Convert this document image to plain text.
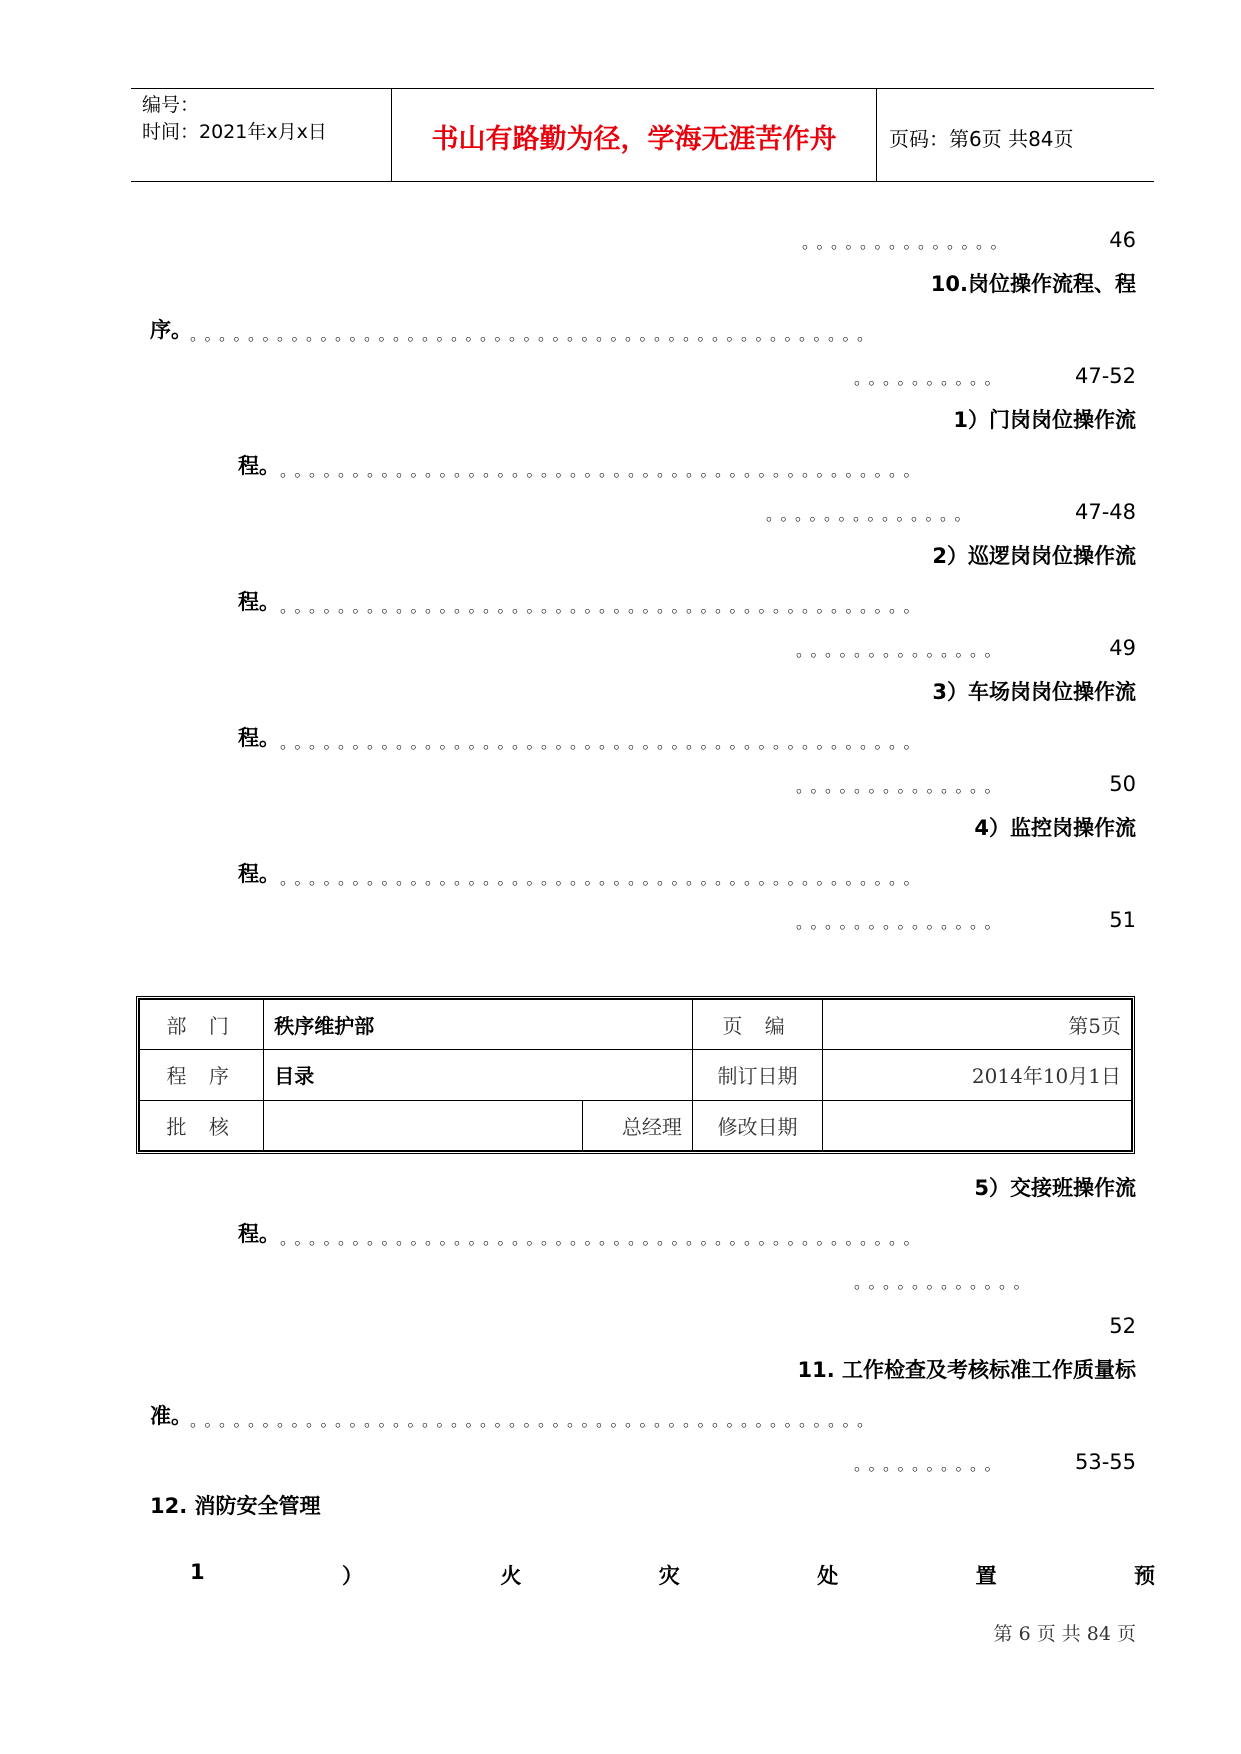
编号：
时间：2021年x月x日	书山有路勤为径，学海无涯苦作舟	页码：第6页 共84页
。。。。。。。。。。。。。。	46
10.岗位操作流程、程
序。
。。。。。。。。。。。。。。。。。。。。。。。。。。。。。。。。。。。。。。。。。。。。。。。
。。。。。。。。。。	47-52
1）门岗岗位操作流
程。 。。。。。。。。。。。。。。。。。。。。。。。。。。。。。。。。。。。。。。。。。。。。
。。。。。。。。。。。。。。	47-48
2）巡逻岗岗位操作流
程。 。。。。。。。。。。。。。。。。。。。。。。。。。。。。。。。。。。。。。。。。。。。。
。。。。。。。。。。。。。。	49
3）车场岗岗位操作流
程。 。。。。。。。。。。。。。。。。。。。。。。。。。。。。。。。。。。。。。。。。。。。。
。。。。。。。。。。。。。。	50
4）监控岗操作流
程。 。。。。。。。。。。。。。。。。。。。。。。。。。。。。。。。。。。。。。。。。。。。。
。。。。。。。。。。。。。。	51
部 门	秩序维护部		页 编	第5页
程 序	目录		制订日期	2014年10月1日
批 核		总经理	修改日期	
5）交接班操作流
程。 。。。。。。。。。。。。。。。。。。。。。。。。。。。。。。。。。。。。。。。。。。。。
。。。。。。。。。。。。
52
11. 工作检查及考核标准工作质量标
准。
。。。。。。。。。。。。。。。。。。。。。。。。。。。。。。。。。。。。。。。。。。。。。。。
。。。。。。。。。。	53-55
12. 消防安全管理
1	）	火	灾	处	置	预
第 6 页 共 84 页
